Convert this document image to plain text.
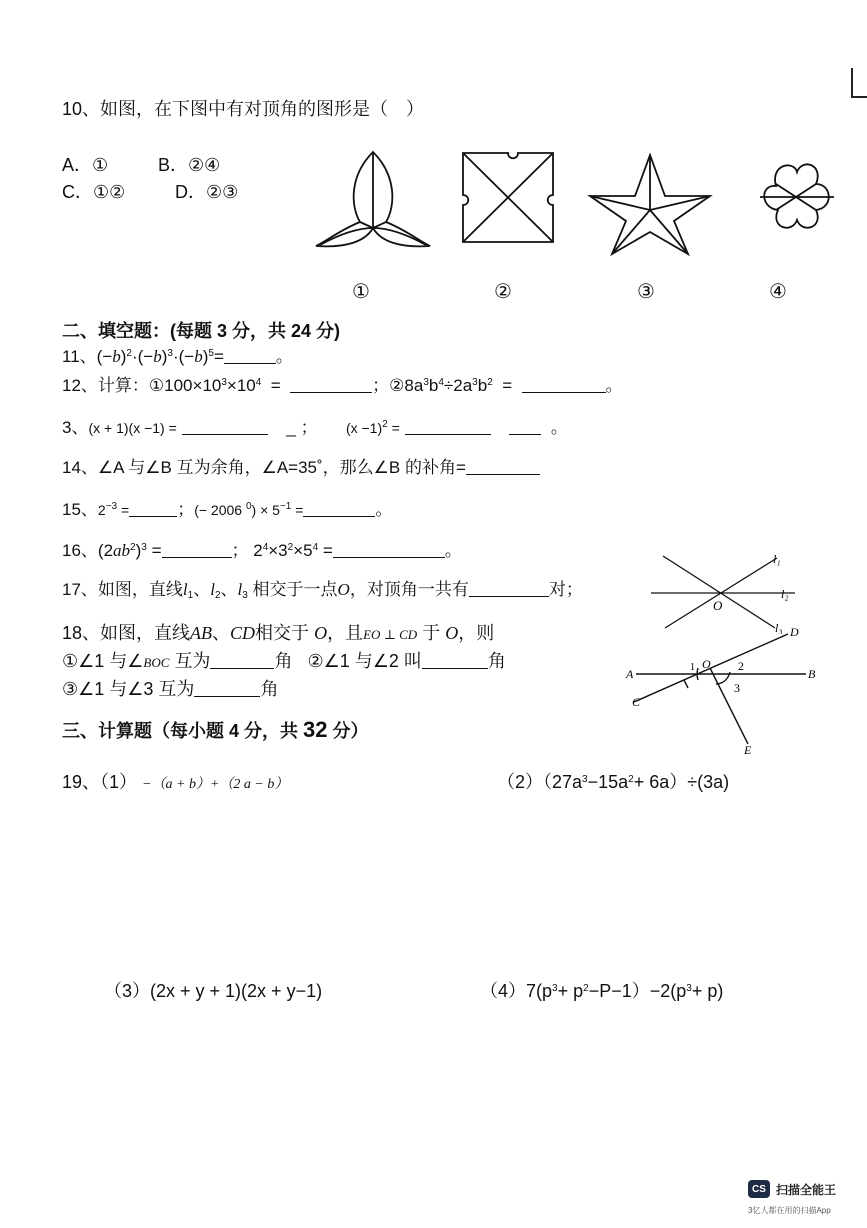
10、如图，在下图中有对顶角的图形是（　）
A．①	B．②④
C．①②	D．②③
①	②	③	④
二、填空题：(每题 3 分，共 24 分)
11、$(-b)^2\cdot(-b)^3\cdot(-b)^5=$	。
12、计算：$①100\times 10^3\times 10^4$  =	；$②8a^3b^4\div 2a^3b^2$  =	。
3、(x + 1)(x −1) =	_ ； $(x -1)^2$ =	。
14、∠A 与∠B 互为余角，∠A=35˚，那么∠B 的补角=
15、$2^{-3}$ =	；(− 2006 $^0) \times 5^{-1}$ =	。
16、$(2ab^2)^3$ =	； $2^4\times 3^2\times 5^4$ =	。
17、如图，直线$l_1$、$l_2$、$l_3$ 相交于一点O，对顶角一共有	对；
l₁
l₂
l₃
O
18、如图，直线AB、CD相交于 O，且EO ⊥ CD 于 O，则
①∠1 与∠BOC 互为	角 ②∠1 与∠2 叫	角
③∠1 与∠3 互为	角
A	B
C
D
E
O
1	2
3
三、计算题（每小题 4 分，共 32 分）
19、（1） −（a + b）+（2 a − b）	$(2)(27a^3-15a^2+ 6a)\div(3a)$
（3）(2x + y + 1)(2x + y−1)	$(4)7(p^3+ p^2-P-1)-2(p^3+ p)$
CS 扫描全能王
3亿人都在用的扫描App
